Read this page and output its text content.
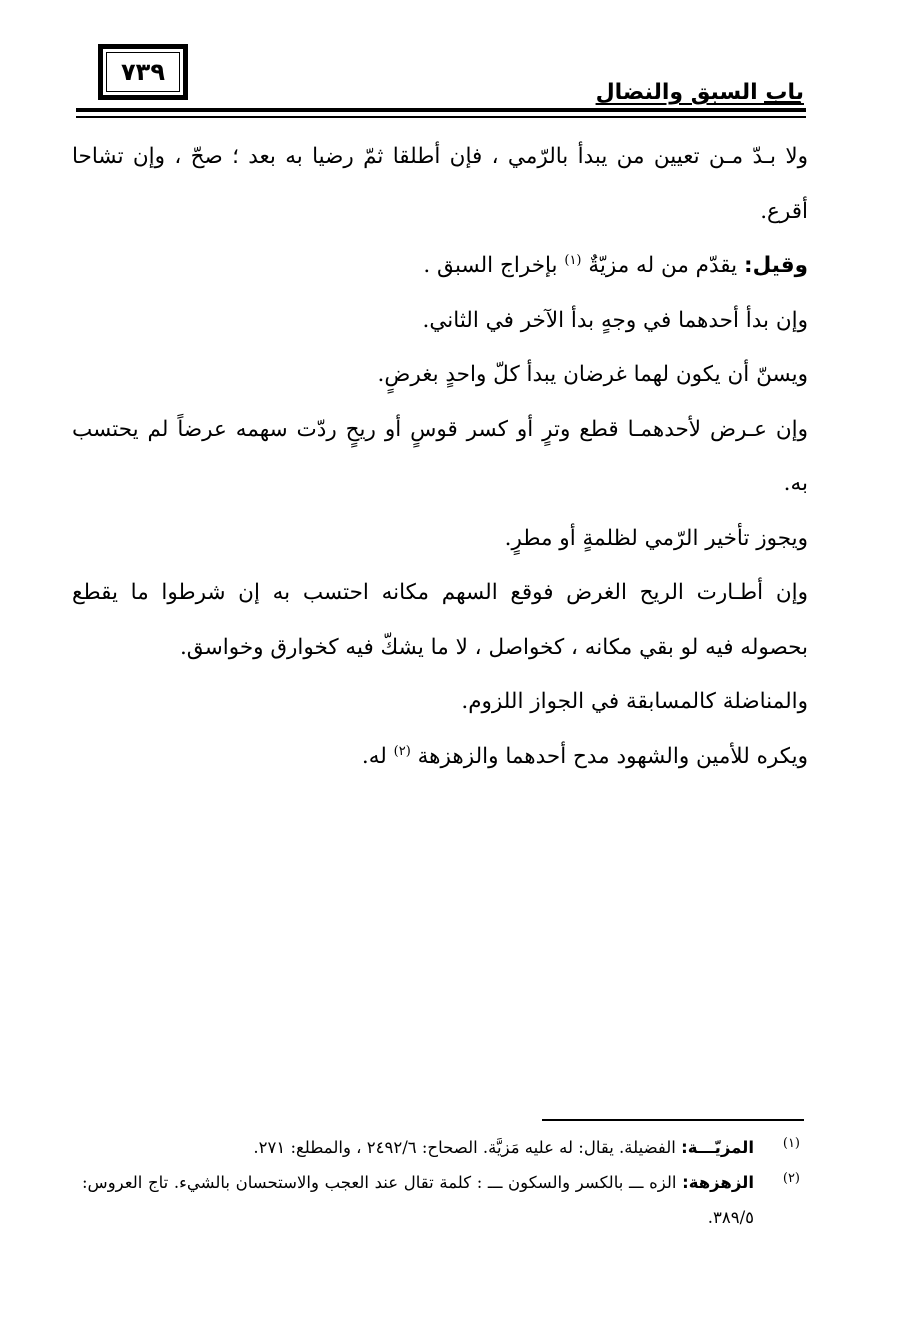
٧٣٩
باب السبق والنضال

ولا بـدّ مـن تعيين من يبدأ بالرّمي ، فإن أطلقا ثمّ رضيا به بعد ؛ صحّ ، وإن تشاحا أقرع.

وقيل: يقدّم من له مزيّةٌ $^{(١)}$ بإخراج السبق .

وإن بدأ أحدهما في وجهٍ بدأ الآخر في الثاني.

ويسنّ أن يكون لهما غرضان يبدأ كلّ واحدٍ بغرضٍ.

وإن عـرض لأحدهمـا قطع وترٍ أو كسر قوسٍ أو ريحٍ ردّت سهمه عرضاً لم يحتسب به.

ويجوز تأخير الرّمي لظلمةٍ أو مطرٍ.

وإن أطـارت الريح الغرض فوقع السهم مكانه احتسب به إن شرطوا ما يقطع بحصوله فيه لو بقي مكانه ، كخواصل ، لا ما يشكّ فيه كخوارق وخواسق.

والمناضلة كالمسابقة في الجواز اللزوم.

ويكره للأمين والشهود مدح أحدهما والزهزهة $^{(٢)}$ له.

(١)
المزيّـــة: الفضيلة. يقال: له عليه مَزيَّة. الصحاح: ٢٤٩٢/٦ ، والمطلع: ٢٧١.
(٢)
الزهزهة: الزه ـــ بالكسر والسكون ـــ : كلمة تقال عند العجب والاستحسان بالشيء. تاج العروس: ٣٨٩/٥.
